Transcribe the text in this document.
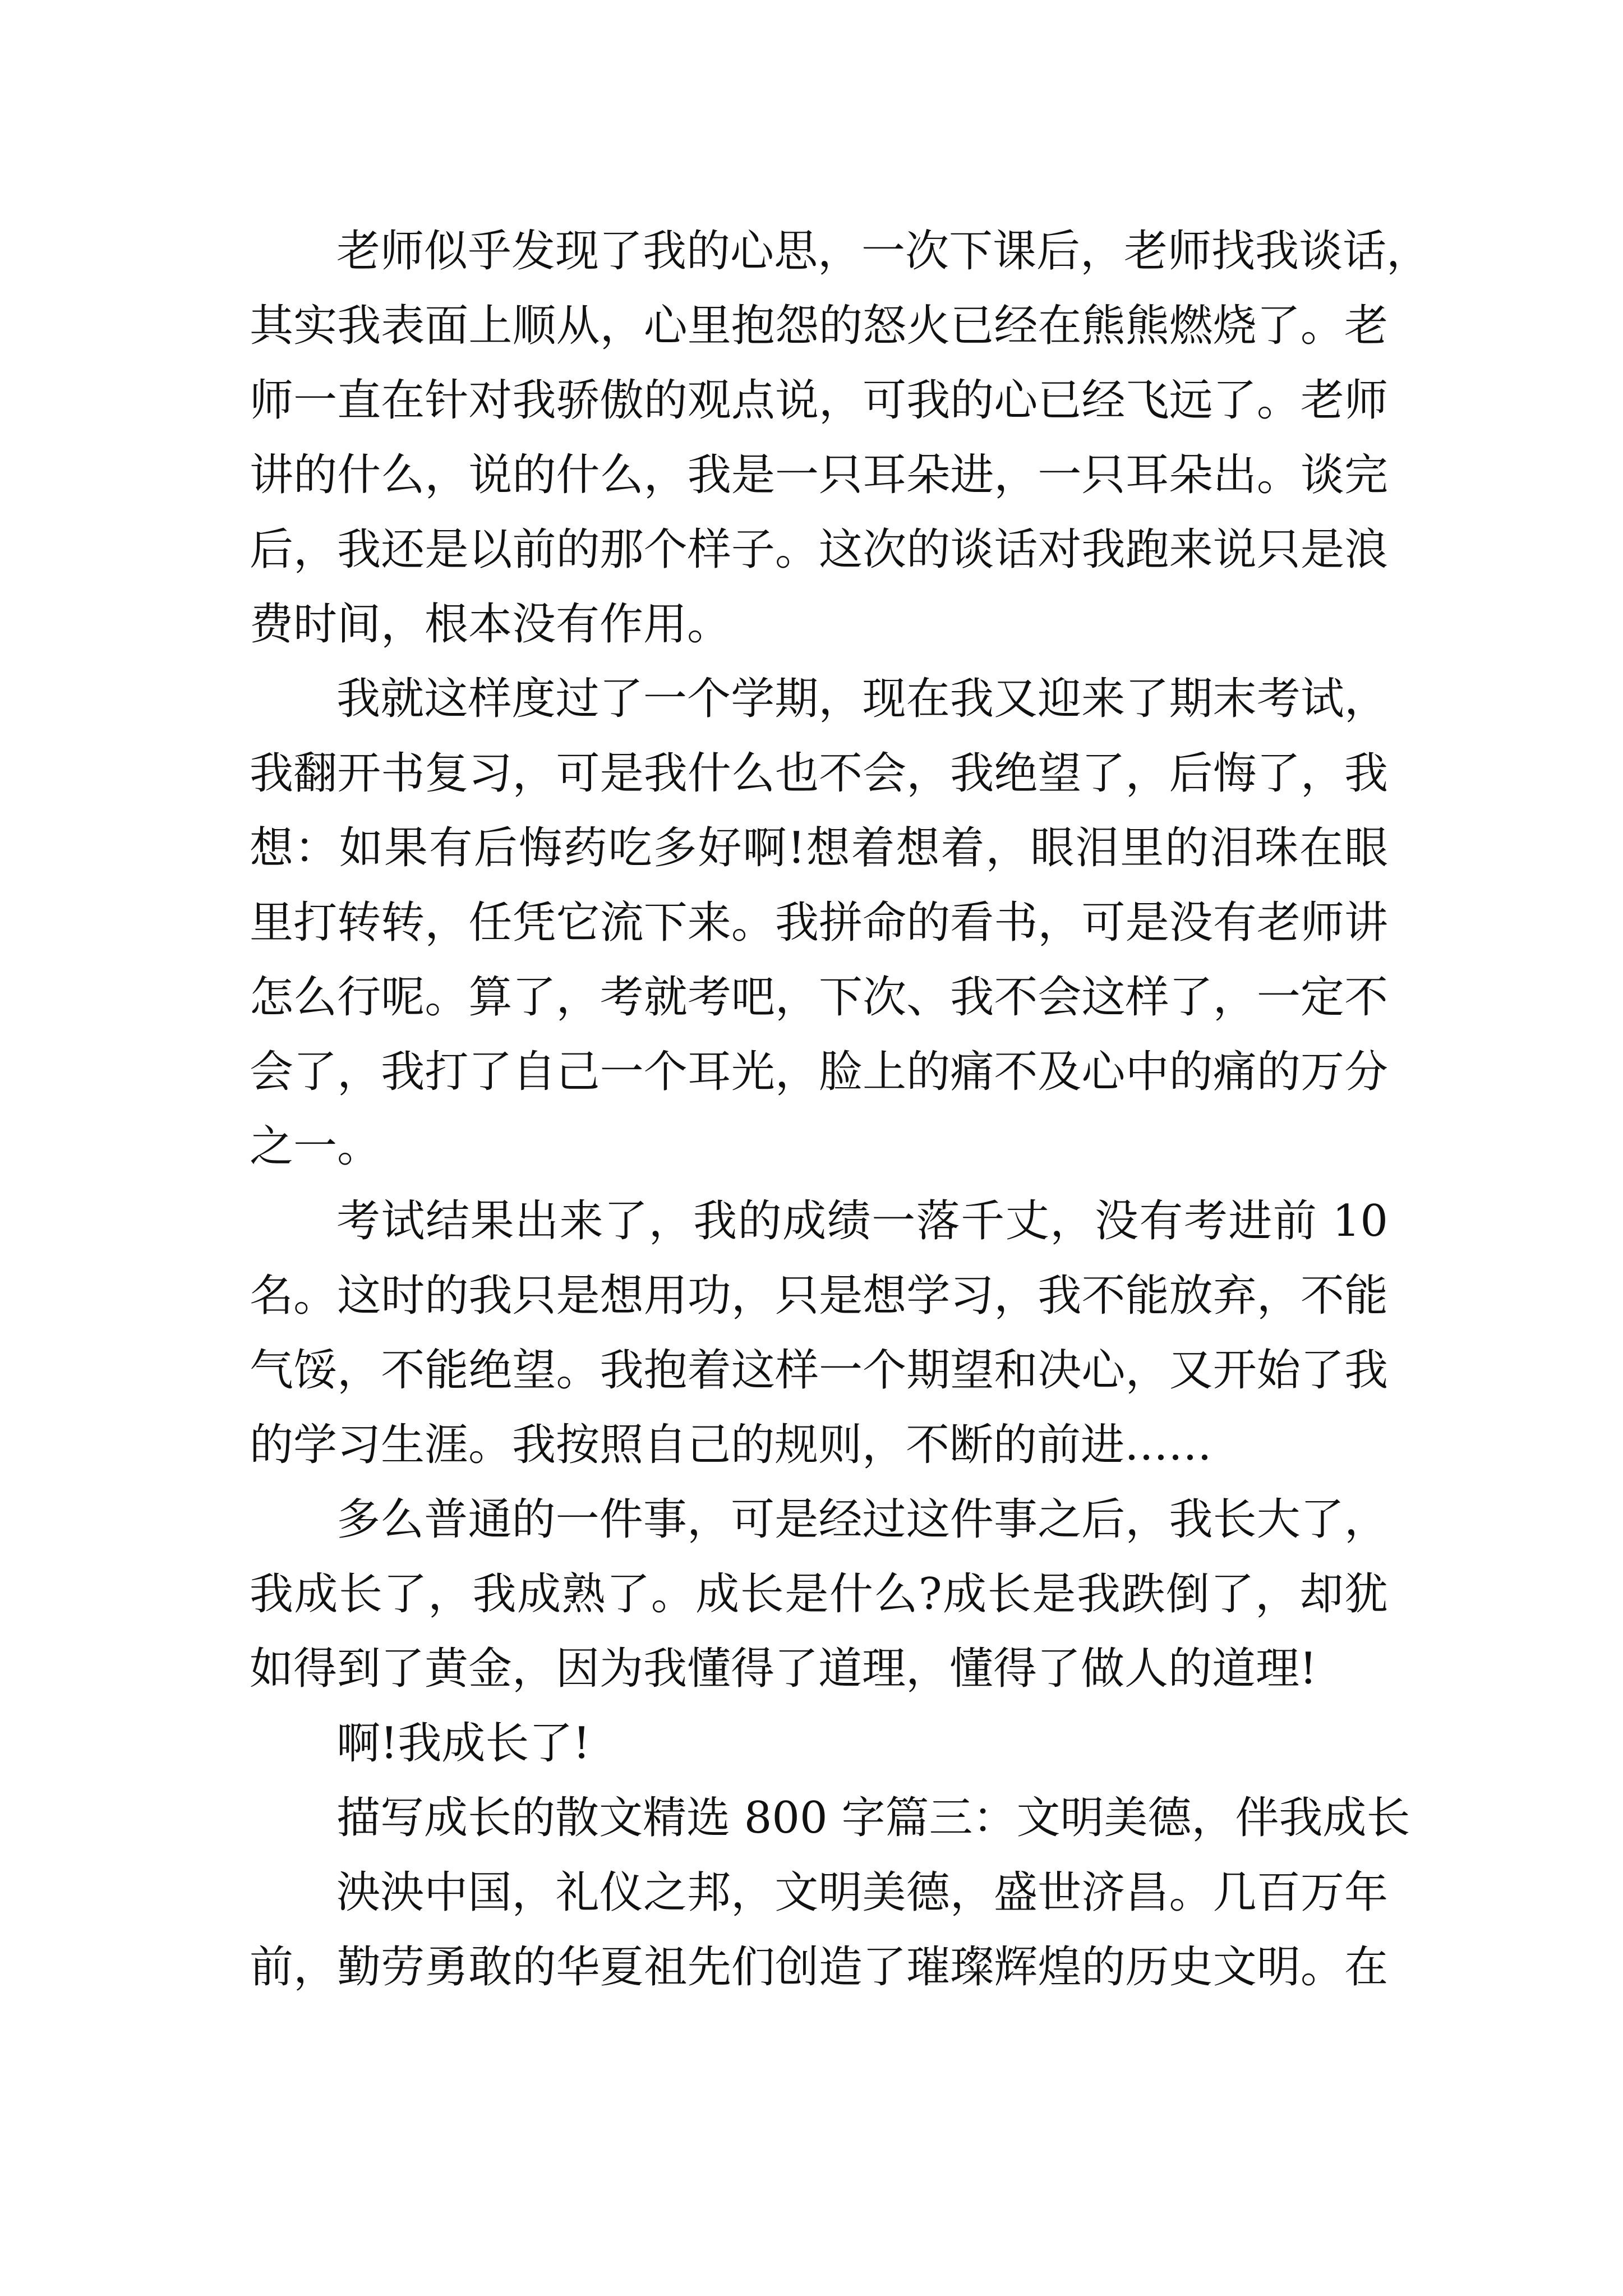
老师似乎发现了我的心思，一次下课后，老师找我谈话，
其实我表面上顺从，心里抱怨的怒火已经在熊熊燃烧了。老
师一直在针对我骄傲的观点说，可我的心已经飞远了。老师
讲的什么，说的什么，我是一只耳朵进，一只耳朵出。谈完
后，我还是以前的那个样子。这次的谈话对我跑来说只是浪
费时间，根本没有作用。
我就这样度过了一个学期，现在我又迎来了期末考试，
我翻开书复习，可是我什么也不会，我绝望了，后悔了，我
想：如果有后悔药吃多好啊!想着想着，眼泪里的泪珠在眼
里打转转，任凭它流下来。我拼命的看书，可是没有老师讲
怎么行呢。算了，考就考吧，下次、我不会这样了，一定不
会了，我打了自己一个耳光，脸上的痛不及心中的痛的万分
之一。
考试结果出来了，我的成绩一落千丈，没有考进前 10
名。这时的我只是想用功，只是想学习，我不能放弃，不能
气馁，不能绝望。我抱着这样一个期望和决心，又开始了我
的学习生涯。我按照自己的规则，不断的前进……
多么普通的一件事，可是经过这件事之后，我长大了，
我成长了，我成熟了。成长是什么?成长是我跌倒了，却犹
如得到了黄金，因为我懂得了道理，懂得了做人的道理!
啊!我成长了!
描写成长的散文精选 800 字篇三：文明美德，伴我成长
泱泱中国，礼仪之邦，文明美德，盛世济昌。几百万年
前，勤劳勇敢的华夏祖先们创造了璀璨辉煌的历史文明。在
